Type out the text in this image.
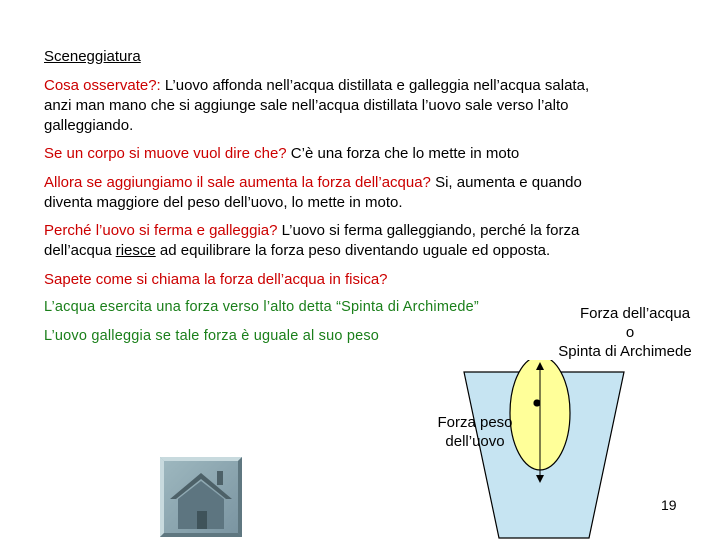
Sceneggiatura
Cosa osservate?: L’uovo affonda nell’acqua distillata e galleggia nell’acqua salata,
anzi man mano che si aggiunge sale nell’acqua distillata l’uovo sale verso l’alto
galleggiando.
Se un corpo si muove vuol dire che? C’è una forza che lo mette in moto
Allora se aggiungiamo il sale aumenta la forza dell’acqua? Si, aumenta e quando
diventa maggiore del peso dell’uovo, lo mette in moto.
Perché l’uovo si ferma e galleggia? L’uovo si ferma galleggiando, perché la forza
dell’acqua riesce ad equilibrare la forza peso diventando uguale ed opposta.
Sapete come si chiama la forza dell’acqua in fisica?
L’acqua esercita una forza verso l’alto detta “Spinta di Archimede”
L’uovo galleggia se tale forza è uguale al suo peso
Forza dell’acqua
o
Spinta di Archimede
Forza peso
dell’uovo
19
